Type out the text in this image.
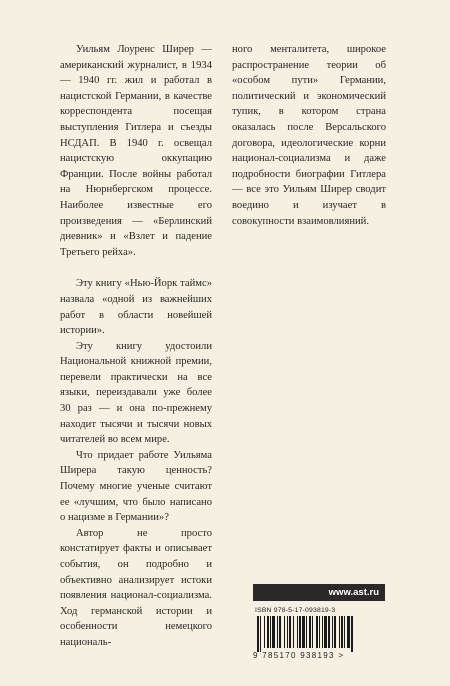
Уильям Лоуренс Ширер — американский журналист, в 1934 — 1940 гг. жил и работал в нацистской Германии, в качестве корреспондента посещая выступления Гитлера и съезды НСДАП. В 1940 г. освещал нацистскую оккупацию Франции. После войны работал на Нюрнбергском процессе. Наиболее известные его произведения — «Берлинский дневник» и «Взлет и падение Третьего рейха».

Эту книгу «Нью-Йорк таймс» назвала «одной из важнейших работ в области новейшей истории».

Эту книгу удостоили Национальной книжной премии, перевели практически на все языки, переиздавали уже более 30 раз — и она по-прежнему находит тысячи и тысячи новых читателей во всем мире.

Что придает работе Уильяма Ширера такую ценность? Почему многие ученые считают ее «лучшим, что было написано о нацизме в Германии»?

Автор не просто констатирует факты и описывает события, он подробно и объективно анализирует истоки появления национал-социализма. Ход германской истории и особенности немецкого националь-

ного менталитета, широкое распространение теории об «особом пути» Германии, политический и экономический тупик, в котором страна оказалась после Версальского договора, идеологические корни национал-социализма и даже подробности биографии Гитлера — все это Уильям Ширер сводит воедино и изучает в совокупности взаимовлияний.

www.ast.ru
ISBN 978-5-17-093819-3
9 785170 938193 >
